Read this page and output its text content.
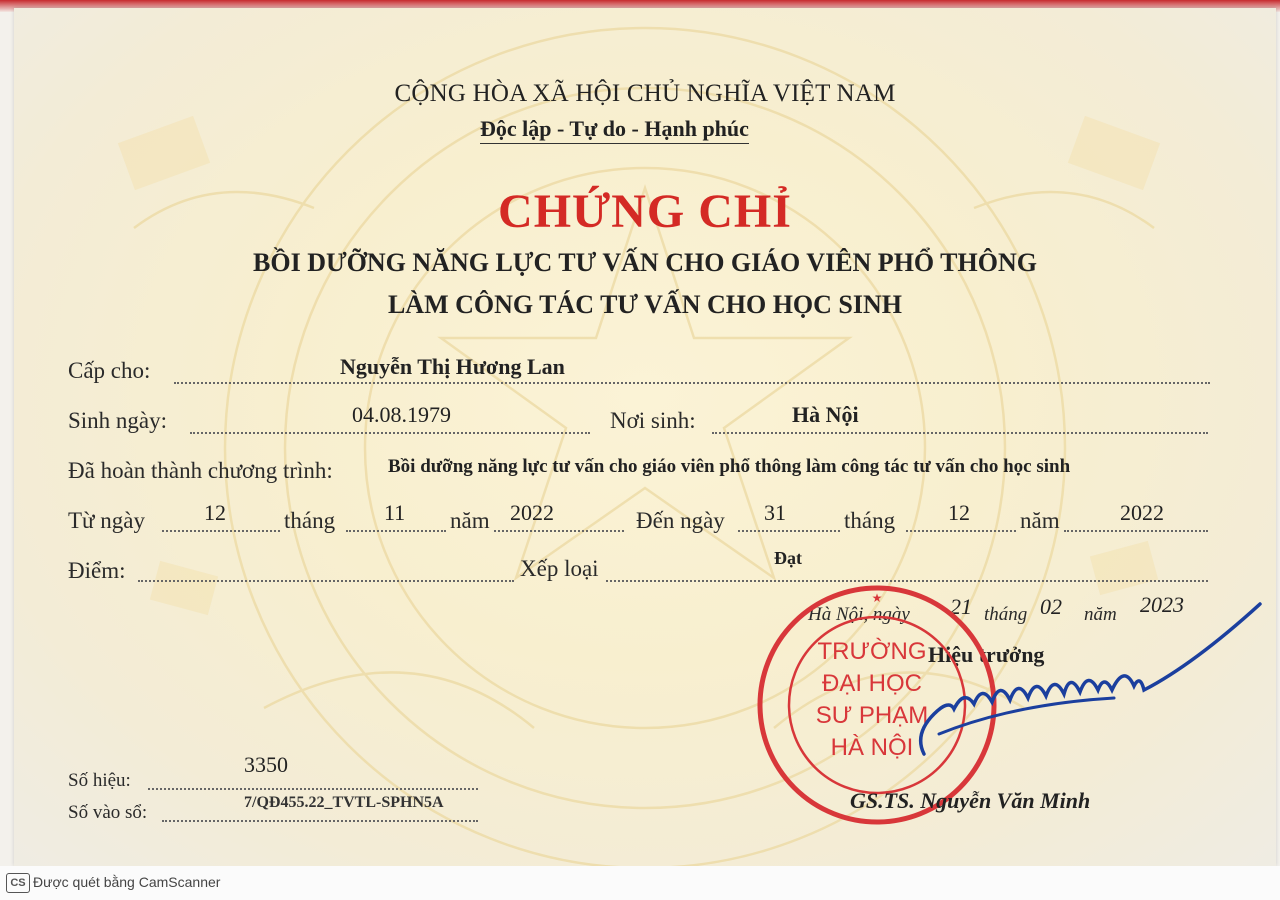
CỘNG HÒA XÃ HỘI CHỦ NGHĨA VIỆT NAM
Độc lập - Tự do - Hạnh phúc
CHỨNG CHỈ
BỒI DƯỠNG NĂNG LỰC TƯ VẤN CHO GIÁO VIÊN PHỔ THÔNG
LÀM CÔNG TÁC TƯ VẤN CHO HỌC SINH
Cấp cho:	Nguyễn Thị Hương Lan
Sinh ngày:	04.08.1979	Nơi sinh:	Hà Nội
Đã hoàn thành chương trình:	Bồi dưỡng năng lực tư vấn cho giáo viên phổ thông làm công tác tư vấn cho học sinh
Từ ngày	12	tháng 11 năm 2022	Đến ngày 31	tháng 12 năm	2022
Điểm:	Xếp loại	Đạt
Hà Nội, ngày 21 tháng 02 năm 2023
Hiệu trưởng
★
TRƯỜNG
ĐẠI HỌC
SƯ PHẠM
HÀ NỘI
GS.TS. Nguyễn Văn Minh
Số hiệu:
3350
Số vào sổ:	7/QĐ455.22_TVTL-SPHN5A
CS Được quét bằng CamScanner
